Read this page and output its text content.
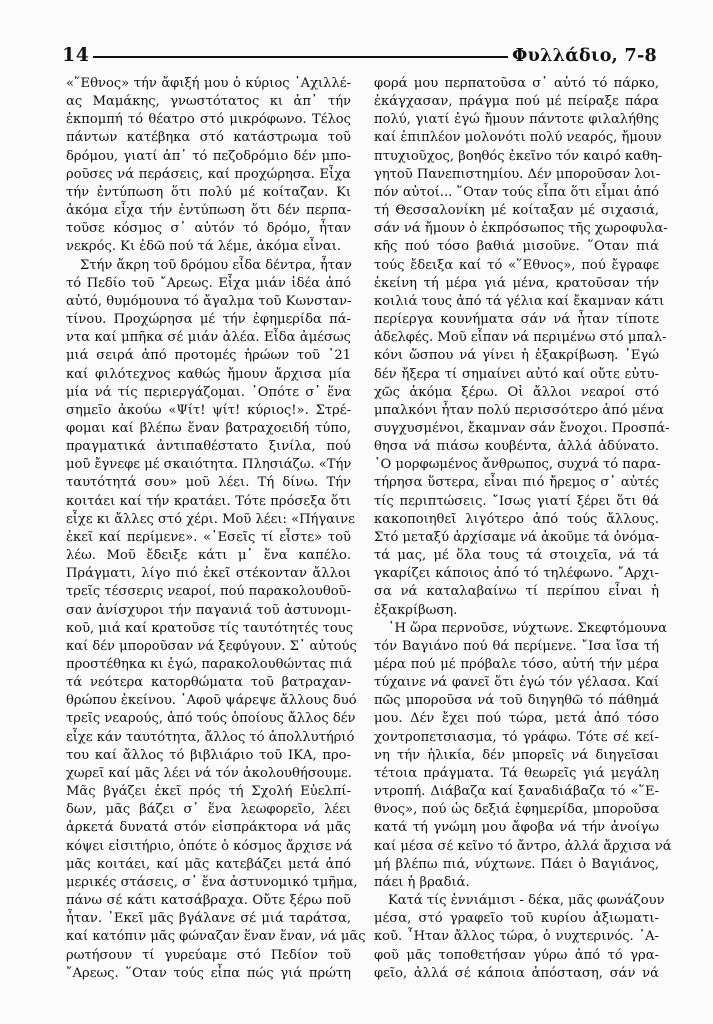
14	Φυλλάδιο, 7-8
«῞Εθνος» τήν ἄφιξή μου ὁ κύριος ᾿Αχιλλέ-
ας Μαμάκης, γνωστότατος κι ἀπ᾿ τήν
ἐκπομπή τό θέατρο στό μικρόφωνο. Τέλος
πάντων κατέβηκα στό κατάστρωμα τοῦ
δρόμου, γιατί ἀπ᾿ τό πεζοδρόμιο δέν μπο-
ροῦσες νά περάσεις, καί προχώρησα. Εἶχα
τήν ἐντύπωση ὅτι πολύ μέ κοίταζαν. Κι
ἀκόμα εἶχα τήν ἐντύπωση ὅτι δέν περπα-
τοῦσε κόσμος σ᾿ αὐτόν τό δρόμο, ἦταν
νεκρός. Κι ἐδῶ πού τά λέμε, ἀκόμα εἶναι.
Στήν ἄκρη τοῦ δρόμου εἶδα δέντρα, ἦταν
τό Πεδίο τοῦ ῎Αρεως. Εἶχα μιάν ἰδέα ἀπό
αὐτό, θυμόμουνα τό ἄγαλμα τοῦ Κωνσταν-
τίνου. Προχώρησα μέ τήν ἐφημερίδα πά-
ντα καί μπῆκα σέ μιάν ἀλέα. Εἶδα ἀμέσως
μιά σειρά ἀπό προτομές ἡρώων τοῦ ᾿21
καί φιλότεχνος καθώς ἤμουν ἄρχισα μία
μία νά τίς περιεργάζομαι. ᾿Οπότε σ᾿ ἕνα
σημεῖο ἀκούω «Ψίτ! ψίτ! κύριος!». Στρέ-
φομαι καί βλέπω ἕναν βατραχοειδή τύπο,
πραγματικά ἀντιπαθέστατο ξινίλα, πού
μοῦ ἔγνεφε μέ σκαιότητα. Πλησιάζω. «Τήν
ταυτότητά σου» μοῦ λέει. Τή δίνω. Τήν
κοιτάει καί τήν κρατάει. Τότε πρόσεξα ὅτι
εἶχε κι ἄλλες στό χέρι. Μοῦ λέει: «Πήγαινε
ἐκεῖ καί περίμενε». «᾿Εσεῖς τί εἶστε» τοῦ
λέω. Μοῦ ἔδειξε κάτι μ᾿ ἕνα καπέλο.
Πράγματι, λίγο πιό ἐκεῖ στέκονταν ἄλλοι
τρεῖς τέσσερις νεαροί, πού παρακολουθοῦ-
σαν ἀνίσχυροι τήν παγανιά τοῦ ἀστυνομι-
κοῦ, μιά καί κρατοῦσε τίς ταυτότητές τους
καί δέν μποροῦσαν νά ξεφύγουν. Σ᾿ αὐτούς
προστέθηκα κι ἐγώ, παρακολουθώντας πιά
τά νεότερα κατορθώματα τοῦ βατραχαν-
θρώπου ἐκείνου. ᾿Αφοῦ ψάρεψε ἄλλους δυό
τρεῖς νεαρούς, ἀπό τούς ὁποίους ἄλλος δέν
εἶχε κάν ταυτότητα, ἄλλος τό ἀπολλυτήριό
του καί ἄλλος τό βιβλιάριο τοῦ ΙΚΑ, προ-
χωρεῖ καί μᾶς λέει νά τόν ἀκολουθήσουμε.
Μᾶς βγάζει ἐκεῖ πρός τή Σχολή Εὐελπί-
δων, μᾶς βάζει σ᾿ ἕνα λεωφορεῖο, λέει
ἀρκετά δυνατά στόν εἰσπράκτορα νά μᾶς
κόψει εἰσιτήριο, ὁπότε ὁ κόσμος ἄρχισε νά
μᾶς κοιτάει, καί μᾶς κατεβάζει μετά ἀπό
μερικές στάσεις, σ᾿ ἕνα ἀστυνομικό τμῆμα,
πάνω σέ κάτι κατσάβραχα. Οὔτε ξέρω ποῦ
ἦταν. ᾿Εκεῖ μᾶς βγάλανε σέ μιά ταράτσα,
καί κατόπιν μᾶς φώναζαν ἕναν ἕναν, νά μᾶς
ρωτήσουν τί γυρεύαμε στό Πεδίον τοῦ
῎Αρεως. ῞Οταν τούς εἶπα πώς γιά πρώτη
φορά μου περπατοῦσα σ᾿ αὐτό τό πάρκο,
ἐκάγχασαν, πράγμα πού μέ πείραξε πάρα
πολύ, γιατί ἐγώ ἤμουν πάντοτε φιλαλήθης
καί ἐπιπλέον μολονότι πολύ νεαρός, ἤμουν
πτυχιοῦχος, βοηθός ἐκεῖνο τόν καιρό καθη-
γητοῦ Πανεπιστημίου. Δέν μποροῦσαν λοι-
πόν αὐτοί... ῞Οταν τούς εἶπα ὅτι εἶμαι ἀπό
τή Θεσσαλονίκη μέ κοίταξαν μέ σιχασιά,
σάν νά ἤμουν ὁ ἐκπρόσωπος τῆς χωροφυλα-
κῆς πού τόσο βαθιά μισοῦνε. ῞Οταν πιά
τούς ἔδειξα καί τό «῞Εθνος», πού ἔγραφε
ἐκείνη τή μέρα γιά μένα, κρατοῦσαν τήν
κοιλιά τους ἀπό τά γέλια καί ἔκαμναν κάτι
περίεργα κουνήματα σάν νά ἦταν τίποτε
ἀδελφές. Μοῦ εἶπαν νά περιμένω στό μπαλ-
κόνι ὥσπου νά γίνει ἡ ἐξακρίβωση. ᾿Εγώ
δέν ἤξερα τί σημαίνει αὐτό καί οὔτε εὐτυ-
χῶς ἀκόμα ξέρω. Οἱ ἄλλοι νεαροί στό
μπαλκόνι ἦταν πολύ περισσότερο ἀπό μένα
συγχυσμένοι, ἔκαμναν σάν ἔνοχοι. Προσπά-
θησα νά πιάσω κουβέντα, ἀλλά ἀδύνατο.
῾Ο μορφωμένος ἄνθρωπος, συχνά τό παρα-
τήρησα ὕστερα, εἶναι πιό ἤρεμος σ᾿ αὐτές
τίς περιπτώσεις. ῎Ισως γιατί ξέρει ὅτι θά
κακοποιηθεῖ λιγότερο ἀπό τούς ἄλλους.
Στό μεταξύ ἀρχίσαμε νά ἀκοῦμε τά ὀνόμα-
τά μας, μέ ὅλα τους τά στοιχεῖα, νά τά
γκαρίζει κάποιος ἀπό τό τηλέφωνο. ῎Αρχι-
σα νά καταλαβαίνω τί περίπου εἶναι ἡ
ἐξακρίβωση.
῾Η ὥρα περνοῦσε, νύχτωνε. Σκεφτόμουνα
τόν Βαγιάνο πού θά περίμενε. ῎Ισα ἴσα τή
μέρα πού μέ πρόβαλε τόσο, αὐτή τήν μέρα
τύχαινε νά φανεῖ ὅτι ἐγώ τόν γέλασα. Καί
πῶς μποροῦσα νά τοῦ διηγηθῶ τό πάθημά
μου. Δέν ἔχει πού τώρα, μετά ἀπό τόσο
χοντροπετσιασμα, τό γράφω. Τότε σέ κεί-
νη τήν ἡλικία, δέν μπορεῖς νά διηγεῖσαι
τέτοια πράγματα. Τά θεωρεῖς γιά μεγάλη
ντροπή. Διάβαζα καί ξαναδιάβαζα τό «῞Ε-
θνος», πού ὡς δεξιά ἐφημερίδα, μποροῦσα
κατά τή γνώμη μου ἄφοβα νά τήν ἀνοίγω
καί μέσα σέ κεῖνο τό ἄντρο, ἀλλά ἄρχισα νά
μή βλέπω πιά, νύχτωνε. Πάει ὁ Βαγιάνος,
πάει ἡ βραδιά.
Κατά τίς ἐννιάμισι - δέκα, μᾶς φωνάζουν
μέσα, στό γραφεῖο τοῦ κυρίου ἀξιωματι-
κοῦ. ῏Ηταν ἄλλος τώρα, ὁ νυχτερινός. ᾿Α-
φοῦ μᾶς τοποθετήσαν γύρω ἀπό τό γρα-
φεῖο, ἀλλά σέ κάποια ἀπόσταση, σάν νά
